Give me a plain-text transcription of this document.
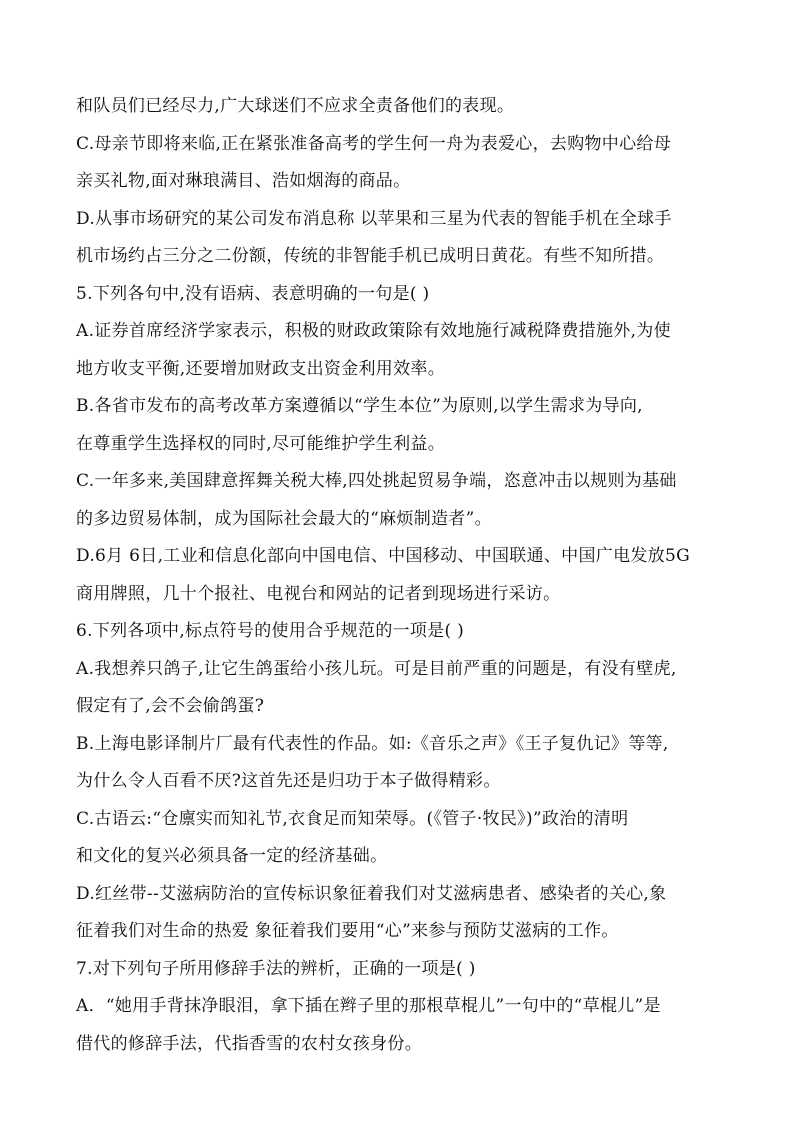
和队员们已经尽力,广大球迷们不应求全责备他们的表现。
C.母亲节即将来临,正在紧张准备高考的学生何一舟为表爱心，去购物中心给母
亲买礼物,面对琳琅满目、浩如烟海的商品。
D.从事市场研究的某公司发布消息称 以苹果和三星为代表的智能手机在全球手
机市场约占三分之二份额，传统的非智能手机已成明日黄花。有些不知所措。
5.下列各句中,没有语病、表意明确的一句是( )
A.证券首席经济学家表示，积极的财政政策除有效地施行减税降费措施外,为使
地方收支平衡,还要增加财政支出资金利用效率。
B.各省市发布的高考改革方案遵循以“学生本位”为原则,以学生需求为导向,
在尊重学生选择权的同时,尽可能维护学生利益。
C.一年多来,美国肆意挥舞关税大棒,四处挑起贸易争端，恣意冲击以规则为基础
的多边贸易体制，成为国际社会最大的“麻烦制造者”。
D.6月 6日,工业和信息化部向中国电信、中国移动、中国联通、中国广电发放5G
商用牌照，几十个报社、电视台和网站的记者到现场进行采访。
6.下列各项中,标点符号的使用合乎规范的一项是( )
A.我想养只鸽子,让它生鸽蛋给小孩儿玩。可是目前严重的问题是，有没有壁虎,
假定有了,会不会偷鸽蛋?
B.上海电影译制片厂最有代表性的作品。如:《音乐之声》《王子复仇记》等等,
为什么令人百看不厌?这首先还是归功于本子做得精彩。
C.古语云:“仓廪实而知礼节,衣食足而知荣辱。(《管子·牧民》)”政治的清明
和文化的复兴必须具备一定的经济基础。
D.红丝带--艾滋病防治的宣传标识象征着我们对艾滋病患者、感染者的关心,象
征着我们对生命的热爱 象征着我们要用“心”来参与预防艾滋病的工作。
7.对下列句子所用修辞手法的辨析，正确的一项是( )
A．“她用手背抹净眼泪，拿下插在辫子里的那根草棍儿”一句中的“草棍儿”是
借代的修辞手法，代指香雪的农村女孩身份。
